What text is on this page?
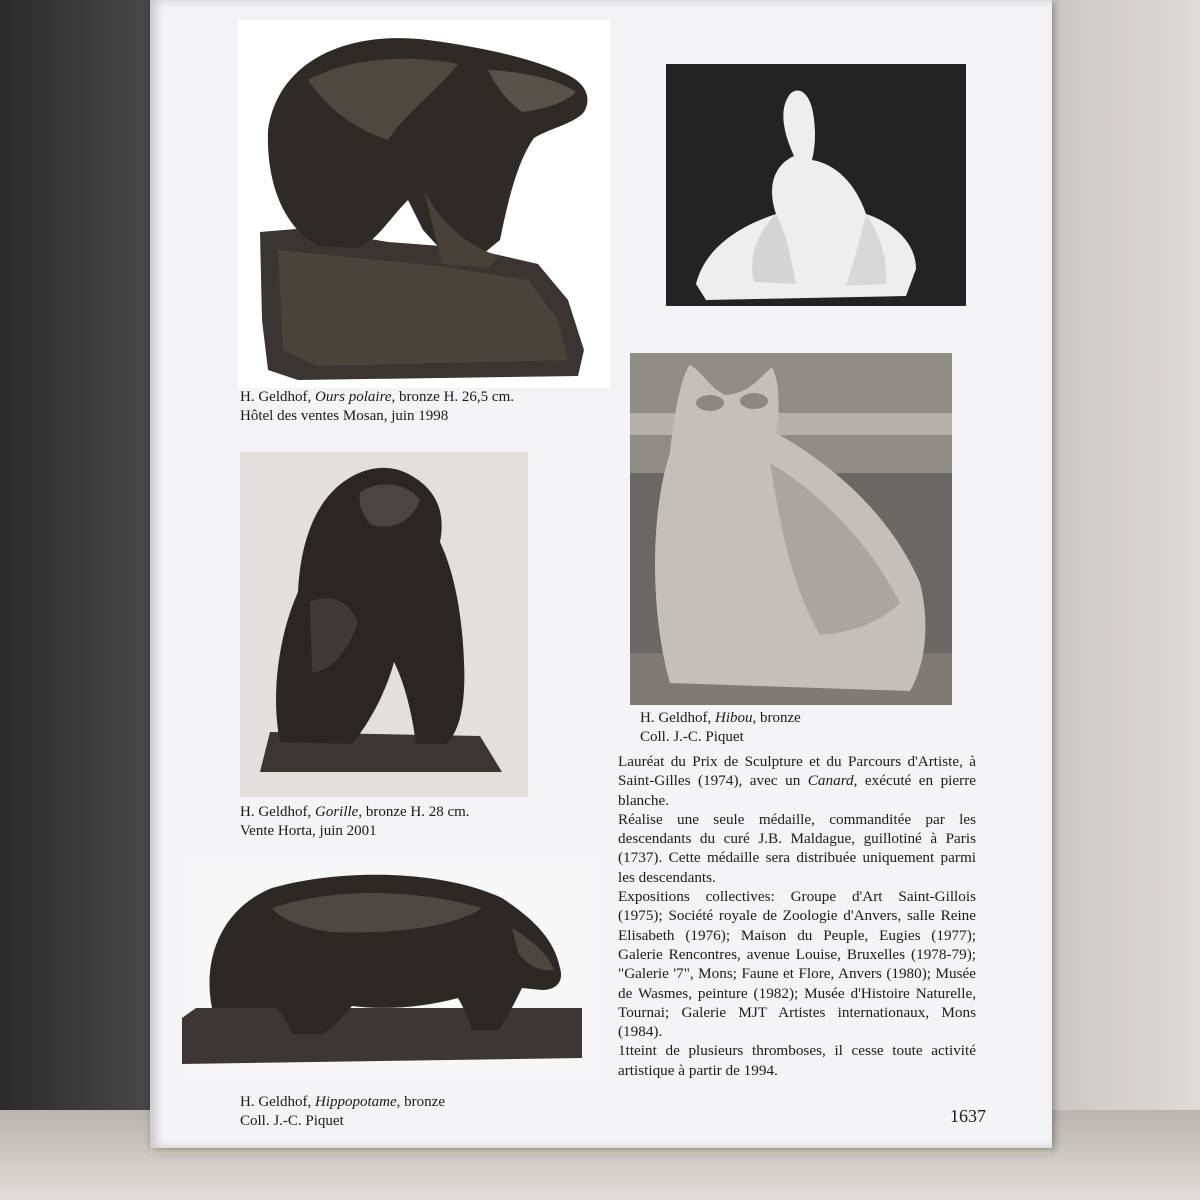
H. Geldhof, Ours polaire, bronze H. 26,5 cm.
Hôtel des ventes Mosan, juin 1998
H. Geldhof, Gorille, bronze H. 28 cm.
Vente Horta, juin 2001
H. Geldhof, Hibou, bronze
Coll. J.-C. Piquet
H. Geldhof, Hippopotame, bronze
Coll. J.-C. Piquet

Lauréat du Prix de Sculpture et du Parcours d'Artiste, à Saint-Gilles (1974), avec un Canard, exécuté en pierre blanche.

Réalise une seule médaille, commanditée par les descendants du curé J.B. Maldague, guillotiné à Paris (1737). Cette médaille sera distribuée uniquement parmi les descendants.

Expositions collectives: Groupe d'Art Saint-Gillois (1975); Société royale de Zoologie d'Anvers, salle Reine Elisabeth (1976); Maison du Peuple, Eugies (1977); Galerie Rencontres, avenue Louise, Bruxelles (1978-79); "Galerie '7", Mons; Faune et Flore, Anvers (1980); Musée de Wasmes, peinture (1982); Musée d'Histoire Naturelle, Tournai; Galerie MJT Artistes internationaux, Mons (1984).

1tteint de plusieurs thromboses, il cesse toute activité artistique à partir de 1994.

1637
